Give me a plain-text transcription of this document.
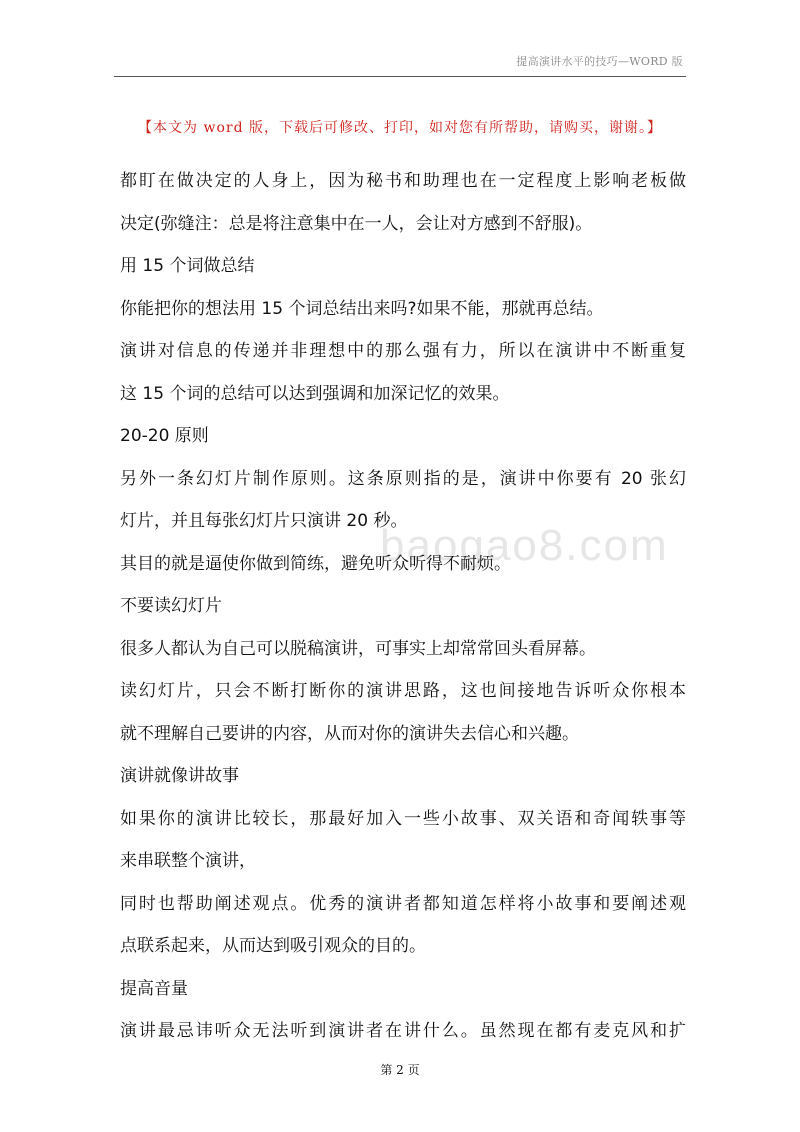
提高演讲水平的技巧—WORD 版
【本文为 word 版，下载后可修改、打印，如对您有所帮助，请购买，谢谢。】
baogao8.com
都盯在做决定的人身上，因为秘书和助理也在一定程度上影响老板做
决定(弥缝注：总是将注意集中在一人，会让对方感到不舒服)。
用 15 个词做总结
你能把你的想法用 15 个词总结出来吗?如果不能，那就再总结。
演讲对信息的传递并非理想中的那么强有力，所以在演讲中不断重复
这 15 个词的总结可以达到强调和加深记忆的效果。
20-20 原则
另外一条幻灯片制作原则。这条原则指的是，演讲中你要有 20 张幻
灯片，并且每张幻灯片只演讲 20 秒。
其目的就是逼使你做到简练，避免听众听得不耐烦。
不要读幻灯片
很多人都认为自己可以脱稿演讲，可事实上却常常回头看屏幕。
读幻灯片，只会不断打断你的演讲思路，这也间接地告诉听众你根本
就不理解自己要讲的内容，从而对你的演讲失去信心和兴趣。
演讲就像讲故事
如果你的演讲比较长，那最好加入一些小故事、双关语和奇闻轶事等
来串联整个演讲，
同时也帮助阐述观点。优秀的演讲者都知道怎样将小故事和要阐述观
点联系起来，从而达到吸引观众的目的。
提高音量
演讲最忌讳听众无法听到演讲者在讲什么。虽然现在都有麦克风和扩
第 2 页
